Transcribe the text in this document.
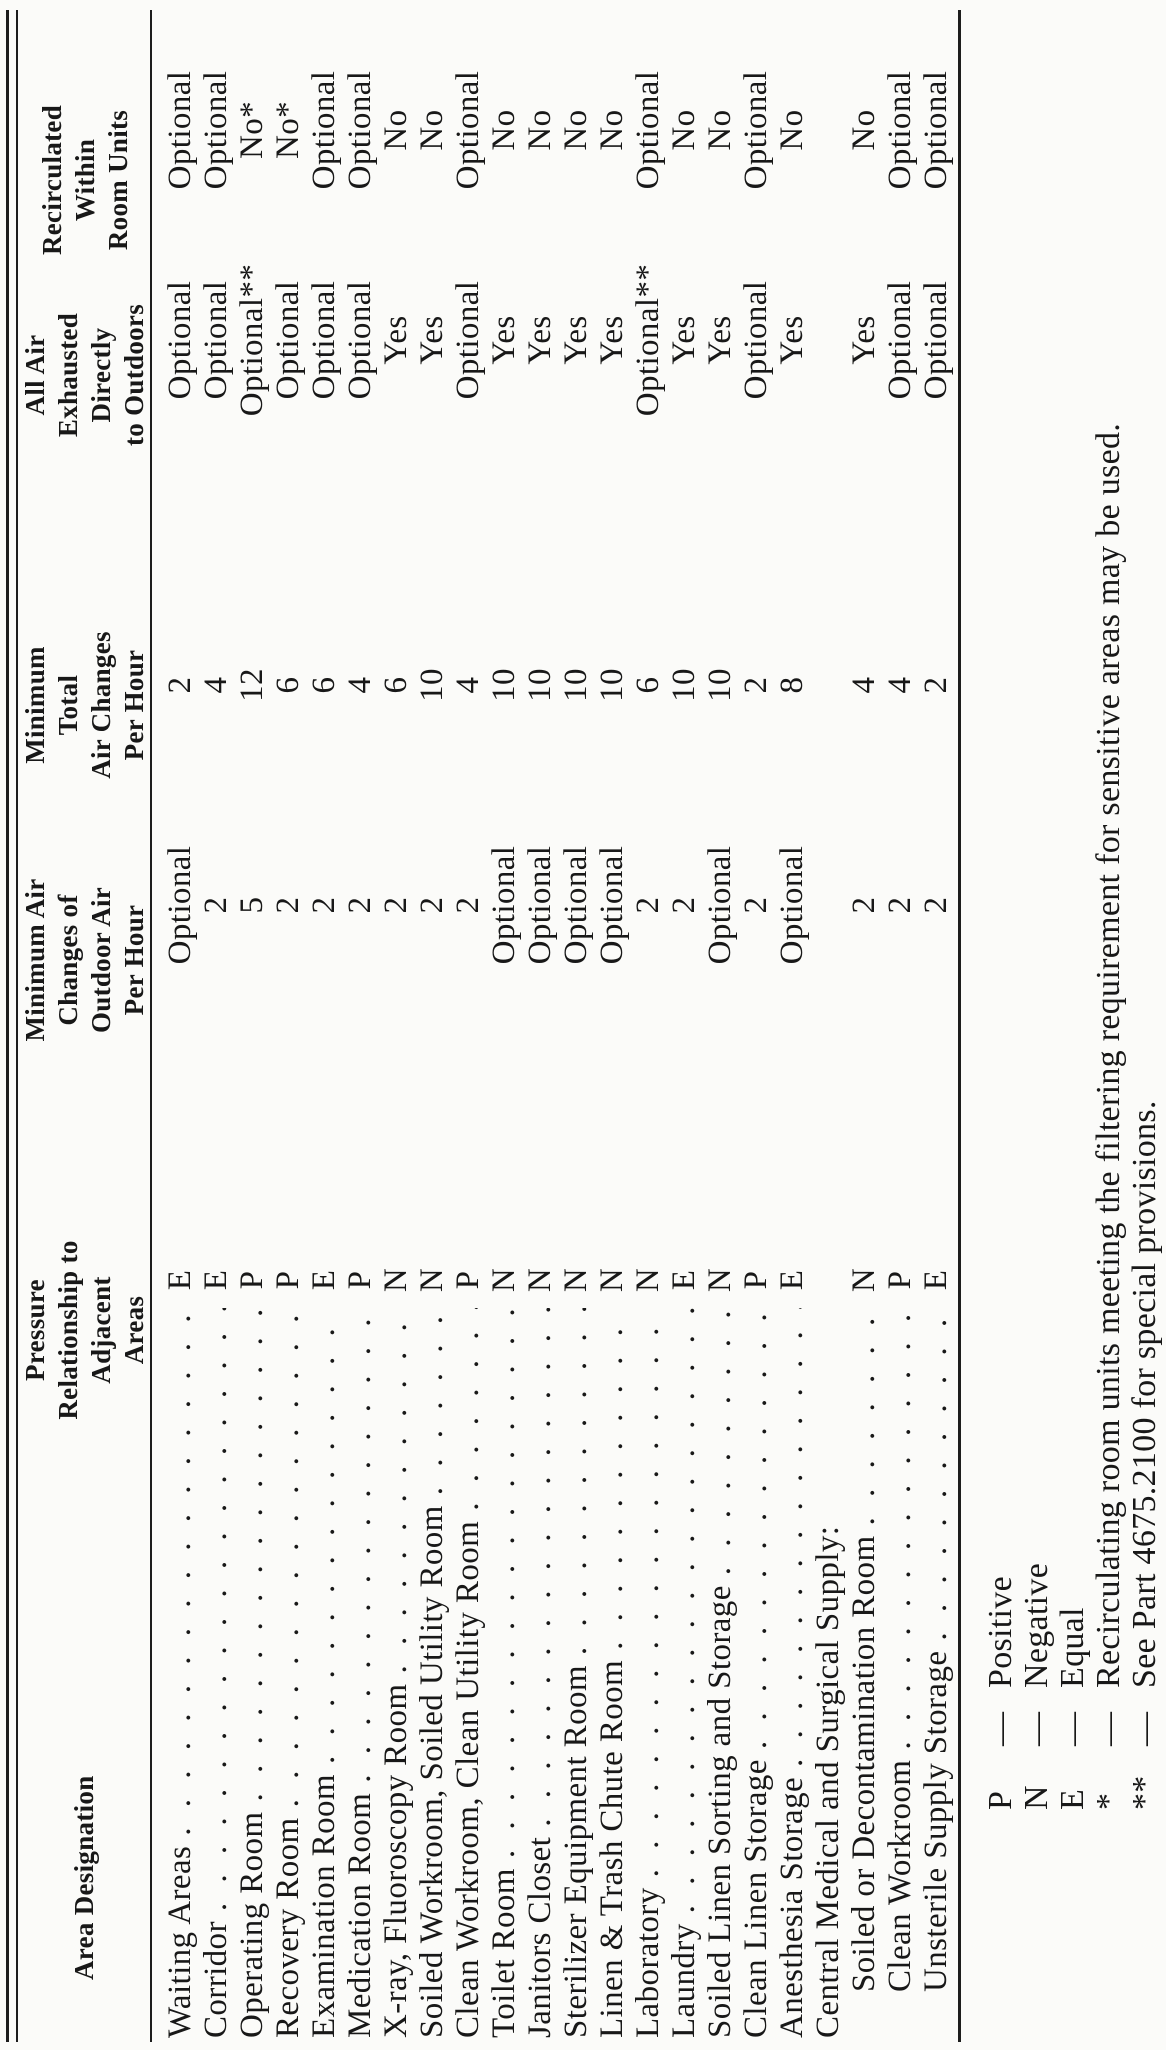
Area Designation
Pressure Relationship to Adjacent Areas
Minimum Air Changes of Outdoor Air Per Hour
Minimum Total Air Changes Per Hour
All Air Exhausted Directly to Outdoors
Recirculated Within Room Units
Waiting Areas
. . .
E
Optional
2
Optional
Optional
Corridor
. . .
E
2
4
Optional
Optional
Operating Room
. . .
P
5
12
Optional**
No*
Recovery Room
. . .
P
2
6
Optional
No*
Examination Room
. . .
E
2
6
Optional
Optional
Medication Room
. . .
P
2
4
Optional
Optional
X-ray, Fluoroscopy Room
. . .
N
2
6
Yes
No
Soiled Workroom, Soiled Utility Room
. . .
N
2
10
Yes
No
Clean Workroom, Clean Utility Room
. . .
P
2
4
Optional
Optional
Toilet Room
. . .
N
Optional
10
Yes
No
Janitors Closet
. . .
N
Optional
10
Yes
No
Sterilizer Equipment Room
. . .
N
Optional
10
Yes
No
Linen & Trash Chute Room
. . .
N
Optional
10
Yes
No
Laboratory
. . .
N
2
6
Optional**
Optional
Laundry
. . .
E
2
10
Yes
No
Soiled Linen Sorting and Storage
. . .
N
Optional
10
Yes
No
Clean Linen Storage
. . .
P
2
2
Optional
Optional
Anesthesia Storage
. . .
E
Optional
8
Yes
No
Central Medical and Surgical Supply: Soiled or Decontamination Room
. . .
N
2
4
Yes
No
Clean Workroom
. . .
P
2
4
Optional
Optional
Unsterile Supply Storage
. . .
E
2
2
Optional
Optional
P
—
Positive
N
—
Negative
E
—
Equal
*
—
Recirculating room units meeting the filtering requirement for sensitive areas may be used.
**
—
See Part 4675.2100 for special provisions.
